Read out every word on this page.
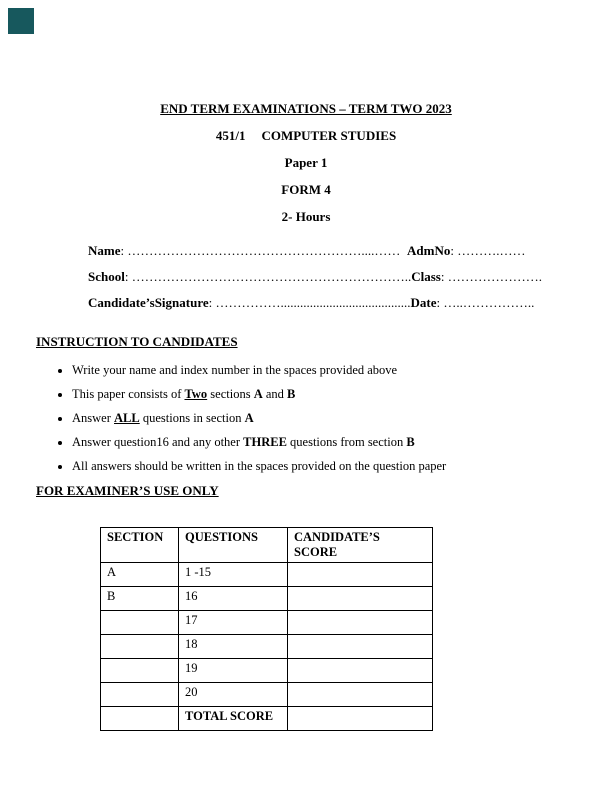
END TERM EXAMINATIONS – TERM TWO 2023
451/1 COMPUTER STUDIES
Paper 1
FORM 4
2- Hours
Name: ………………………………………………....…… AdmNo: ……….……
School: ……………………………………………………….. Class: ………………….
Candidate’sSignature: ……………........................................ Date: …..……………..
INSTRUCTION TO CANDIDATES
• Write your name and index number in the spaces provided above
• This paper consists of Two sections A and B
• Answer ALL questions in section A
• Answer question16 and any other THREE questions from section B
• All answers should be written in the spaces provided on the question paper
FOR EXAMINER’S USE ONLY
SECTION	QUESTIONS	CANDIDATE’S SCORE
A	1 -15	
B	16	
	17	
	18	
	19	
	20	
	TOTAL SCORE	
